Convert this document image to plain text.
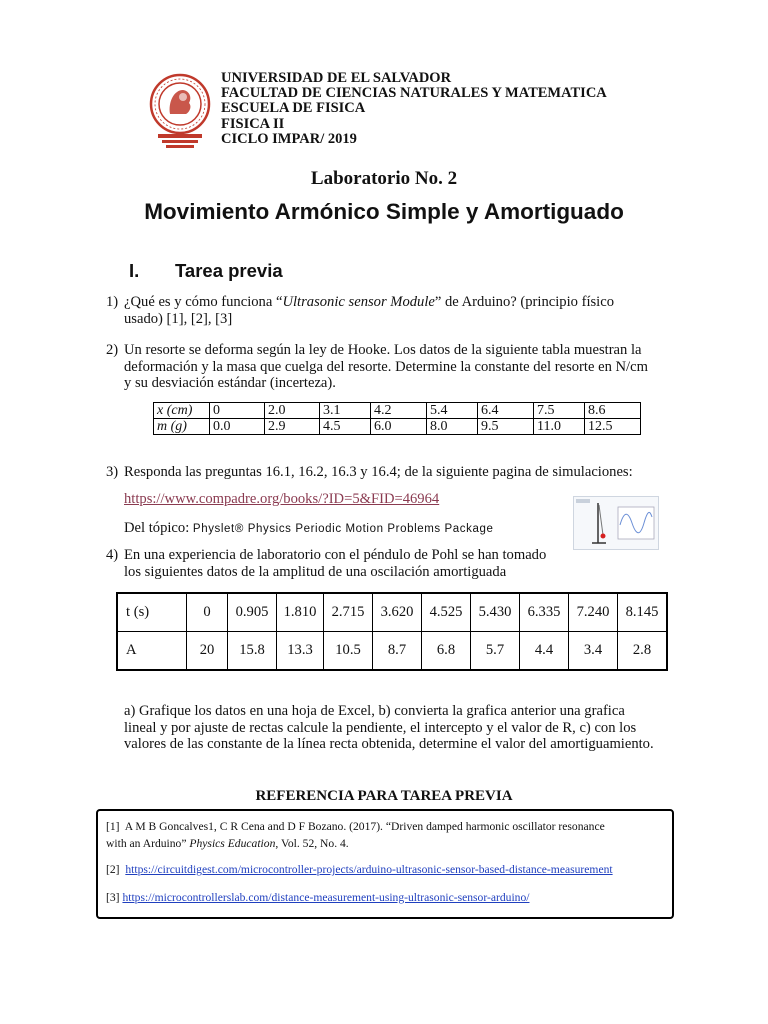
UNIVERSIDAD DE EL SALVADOR
FACULTAD DE CIENCIAS NATURALES Y MATEMATICA
ESCUELA DE FISICA
FISICA II
CICLO IMPAR/ 2019
Laboratorio No. 2
Movimiento Armónico Simple y Amortiguado
I. Tarea previa
1) ¿Qué es y cómo funciona “Ultrasonic sensor Module” de Arduino? (principio físico
usado) [1], [2], [3]
2) Un resorte se deforma según la ley de Hooke. Los datos de la siguiente tabla muestran la
deformación y la masa que cuelga del resorte. Determine la constante del resorte en N/cm
y su desviación estándar (incerteza).
x (cm)	0	2.0	3.1	4.2	5.4	6.4	7.5	8.6
m (g)	0.0	2.9	4.5	6.0	8.0	9.5	11.0	12.5
3) Responda las preguntas 16.1, 16.2, 16.3 y 16.4; de la siguiente pagina de simulaciones:
https://www.compadre.org/books/?ID=5&FID=46964
Del tópico: Physlet® Physics Periodic Motion Problems Package
4) En una experiencia de laboratorio con el péndulo de Pohl se han tomado
los siguientes datos de la amplitud de una oscilación amortiguada
t (s)	0	0.905	1.810	2.715	3.620	4.525	5.430	6.335	7.240	8.145
A	20	15.8	13.3	10.5	8.7	6.8	5.7	4.4	3.4	2.8
a) Grafique los datos en una hoja de Excel, b) convierta la grafica anterior una grafica
lineal y por ajuste de rectas calcule la pendiente, el intercepto y el valor de R, c) con los
valores de las constante de la línea recta obtenida, determine el valor del amortiguamiento.
REFERENCIA PARA TAREA PREVIA
[1] A M B Goncalves1, C R Cena and D F Bozano. (2017). “Driven damped harmonic oscillator resonance
with an Arduino” Physics Education, Vol. 52, No. 4.
[2] https://circuitdigest.com/microcontroller-projects/arduino-ultrasonic-sensor-based-distance-measurement
[3] https://microcontrollerslab.com/distance-measurement-using-ultrasonic-sensor-arduino/
